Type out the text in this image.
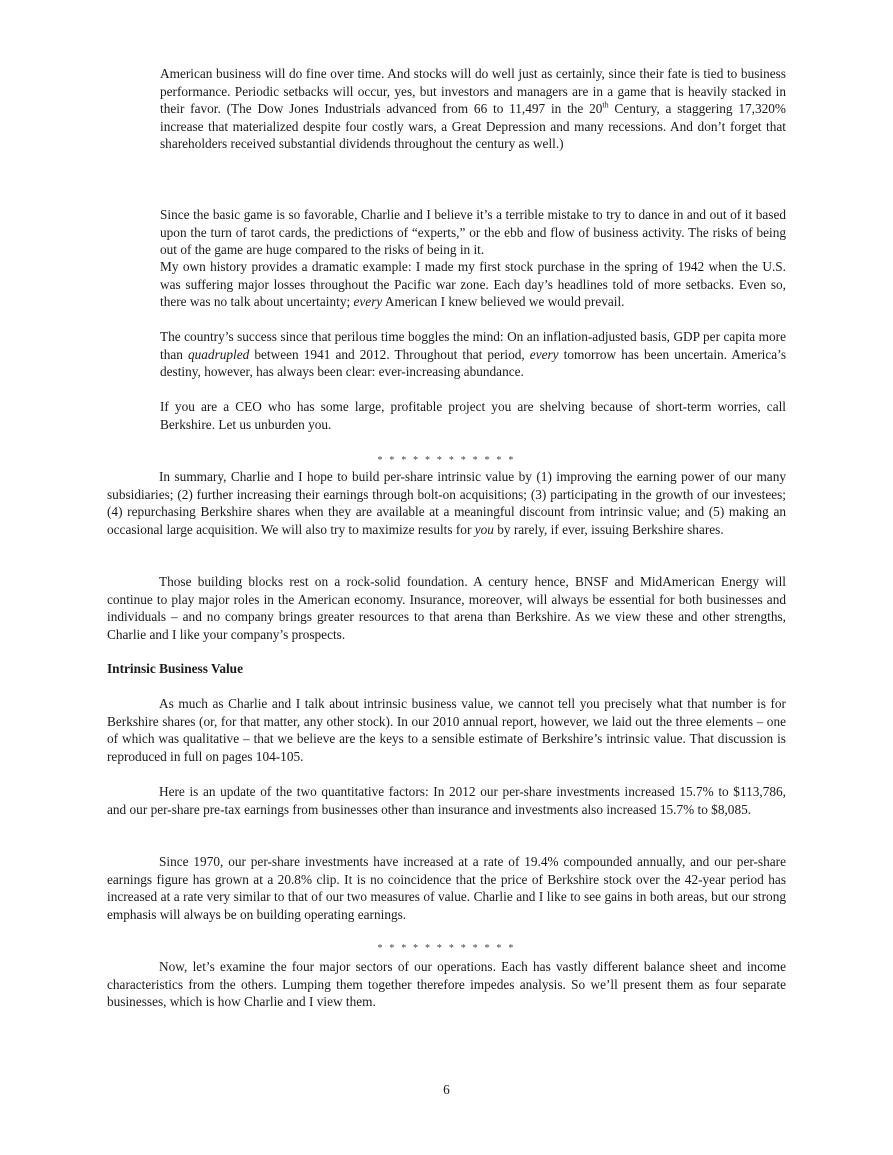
American business will do fine over time. And stocks will do well just as certainly, since their fate is tied to business performance. Periodic setbacks will occur, yes, but investors and managers are in a game that is heavily stacked in their favor. (The Dow Jones Industrials advanced from 66 to 11,497 in the 20th Century, a staggering 17,320% increase that materialized despite four costly wars, a Great Depression and many recessions. And don’t forget that shareholders received substantial dividends throughout the century as well.)

Since the basic game is so favorable, Charlie and I believe it’s a terrible mistake to try to dance in and out of it based upon the turn of tarot cards, the predictions of “experts,” or the ebb and flow of business activity. The risks of being out of the game are huge compared to the risks of being in it.

My own history provides a dramatic example: I made my first stock purchase in the spring of 1942 when the U.S. was suffering major losses throughout the Pacific war zone. Each day’s headlines told of more setbacks. Even so, there was no talk about uncertainty; every American I knew believed we would prevail.

The country’s success since that perilous time boggles the mind: On an inflation-adjusted basis, GDP per capita more than quadrupled between 1941 and 2012. Throughout that period, every tomorrow has been uncertain. America’s destiny, however, has always been clear: ever-increasing abundance.

If you are a CEO who has some large, profitable project you are shelving because of short-term worries, call Berkshire. Let us unburden you.

* * * * * * * * * * * *

In summary, Charlie and I hope to build per-share intrinsic value by (1) improving the earning power of our many subsidiaries; (2) further increasing their earnings through bolt-on acquisitions; (3) participating in the growth of our investees; (4) repurchasing Berkshire shares when they are available at a meaningful discount from intrinsic value; and (5) making an occasional large acquisition. We will also try to maximize results for you by rarely, if ever, issuing Berkshire shares.

Those building blocks rest on a rock-solid foundation. A century hence, BNSF and MidAmerican Energy will continue to play major roles in the American economy. Insurance, moreover, will always be essential for both businesses and individuals – and no company brings greater resources to that arena than Berkshire. As we view these and other strengths, Charlie and I like your company’s prospects.

Intrinsic Business Value

As much as Charlie and I talk about intrinsic business value, we cannot tell you precisely what that number is for Berkshire shares (or, for that matter, any other stock). In our 2010 annual report, however, we laid out the three elements – one of which was qualitative – that we believe are the keys to a sensible estimate of Berkshire’s intrinsic value. That discussion is reproduced in full on pages 104-105.

Here is an update of the two quantitative factors: In 2012 our per-share investments increased 15.7% to $113,786, and our per-share pre-tax earnings from businesses other than insurance and investments also increased 15.7% to $8,085.

Since 1970, our per-share investments have increased at a rate of 19.4% compounded annually, and our per-share earnings figure has grown at a 20.8% clip. It is no coincidence that the price of Berkshire stock over the 42-year period has increased at a rate very similar to that of our two measures of value. Charlie and I like to see gains in both areas, but our strong emphasis will always be on building operating earnings.

* * * * * * * * * * * *

Now, let’s examine the four major sectors of our operations. Each has vastly different balance sheet and income characteristics from the others. Lumping them together therefore impedes analysis. So we’ll present them as four separate businesses, which is how Charlie and I view them.

6
